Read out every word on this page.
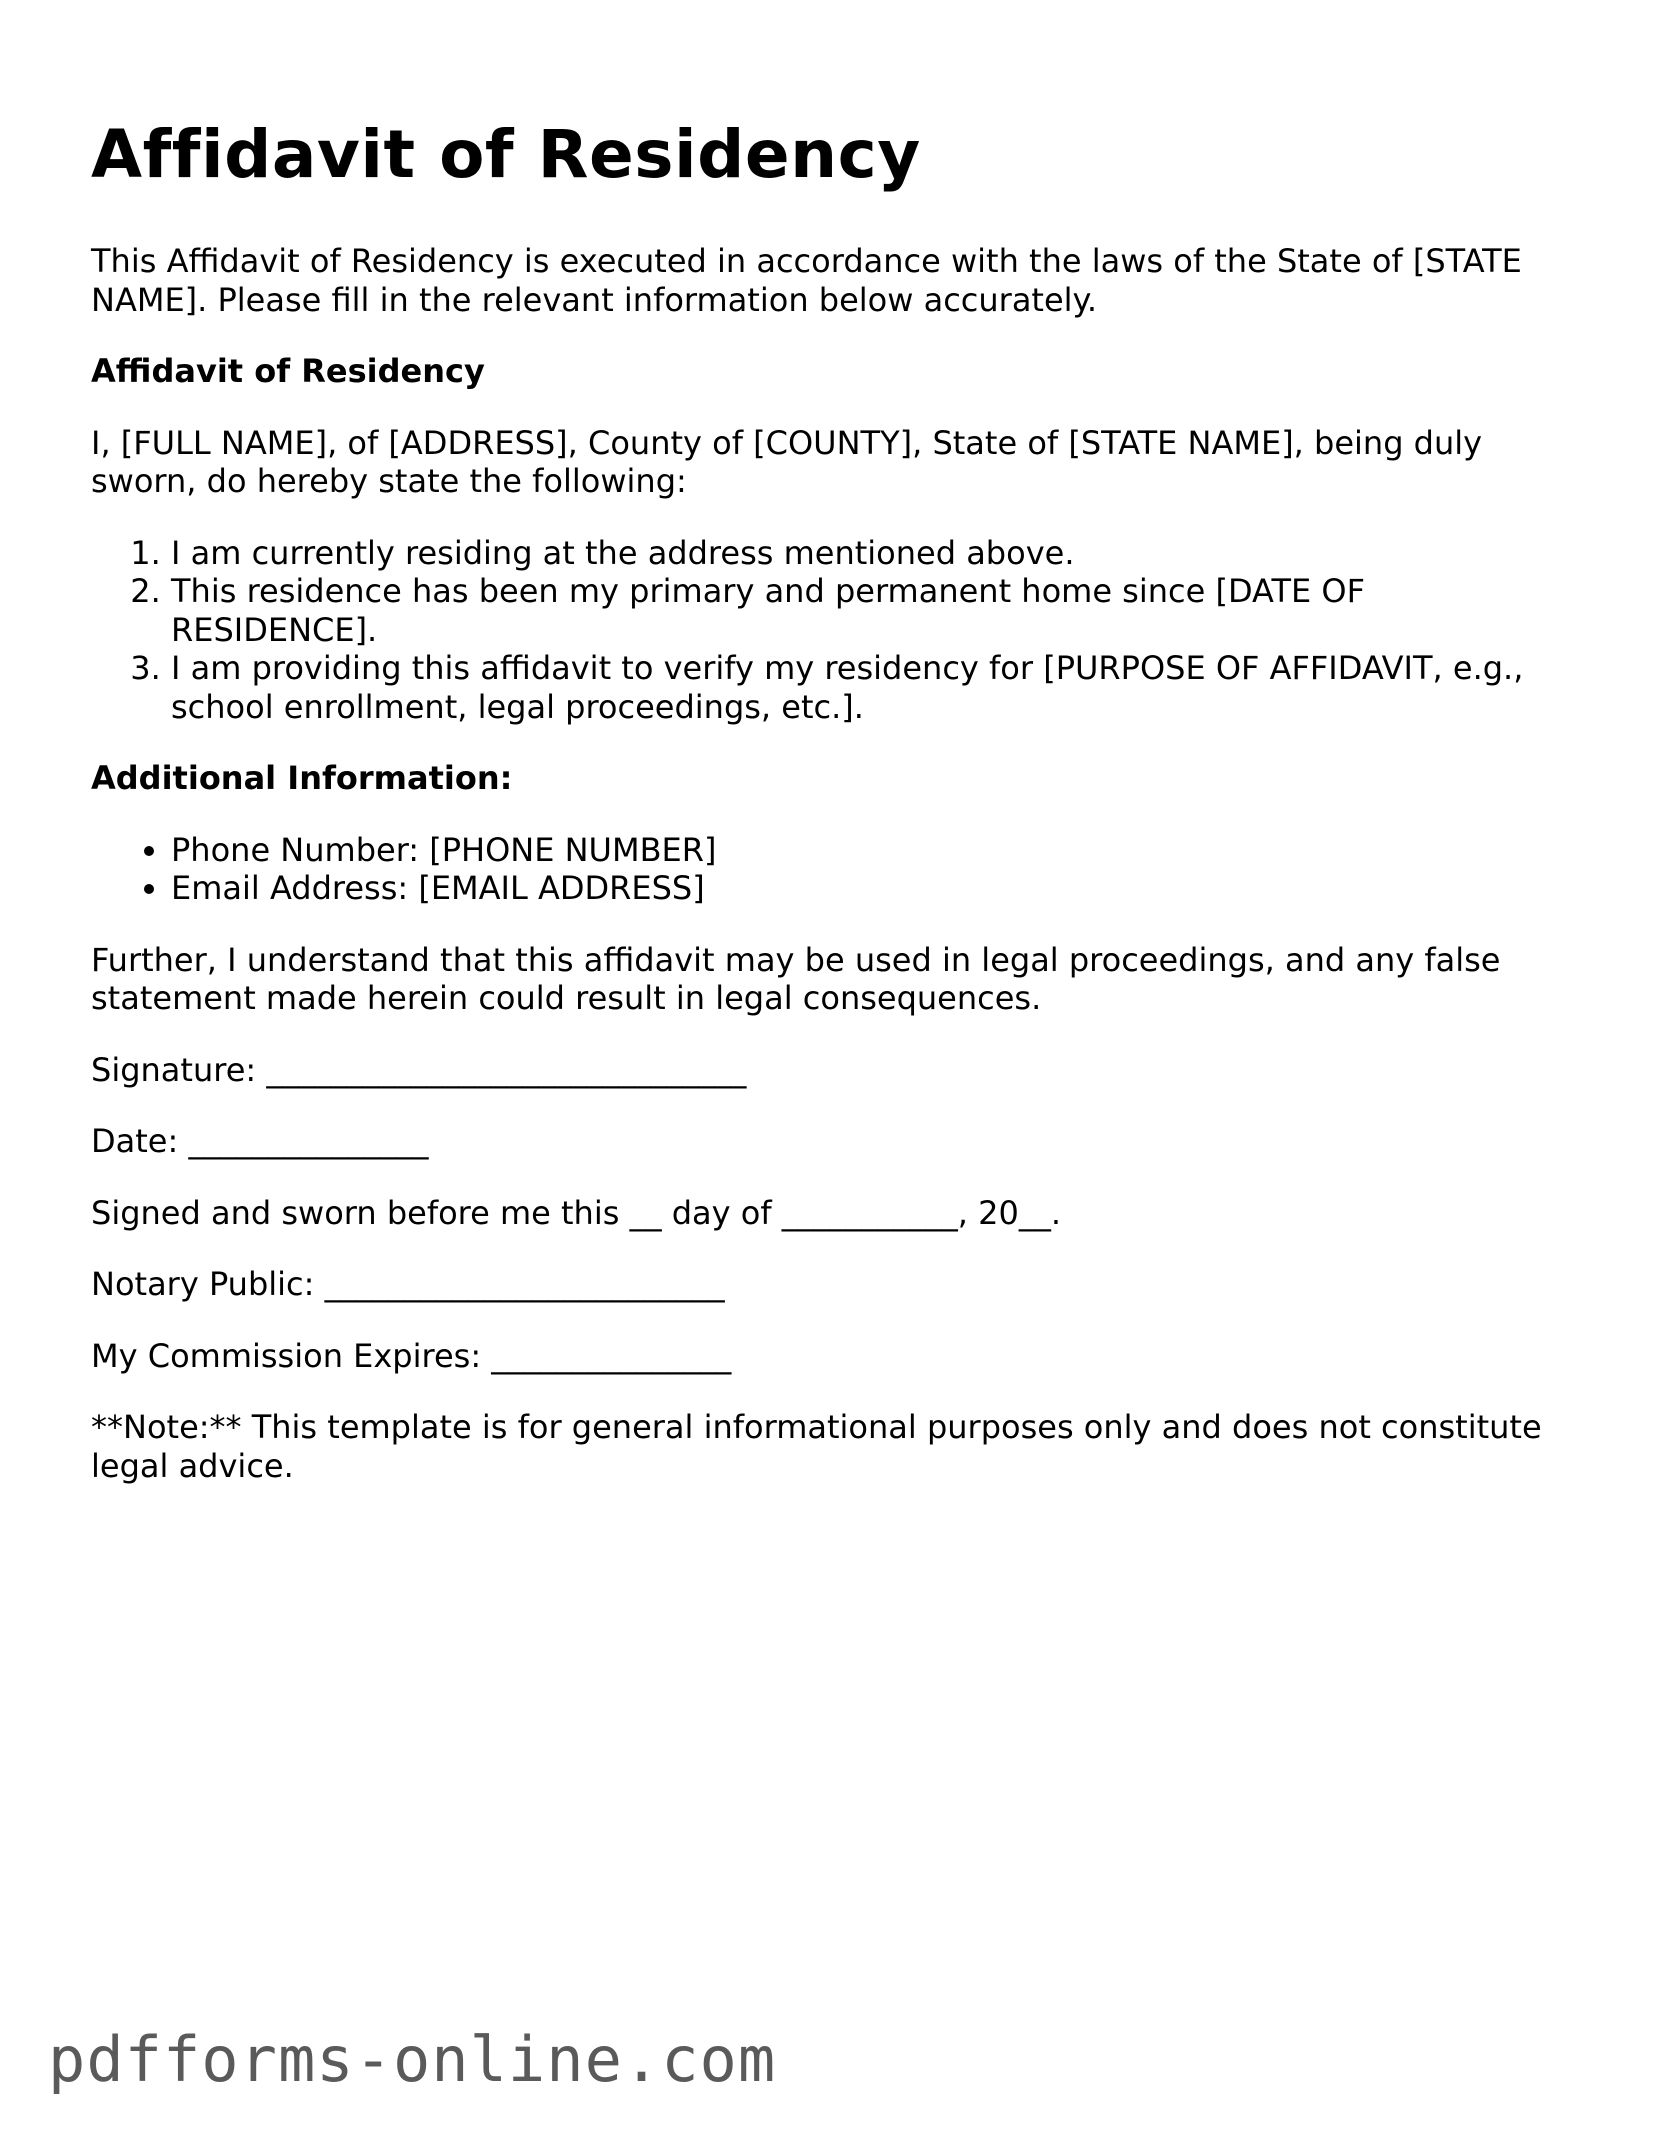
Affidavit of Residency

This Affidavit of Residency is executed in accordance with the laws of the State of [STATE NAME]. Please fill in the relevant information below accurately.

Affidavit of Residency

I, [FULL NAME], of [ADDRESS], County of [COUNTY], State of [STATE NAME], being duly sworn, do hereby state the following:

1. I am currently residing at the address mentioned above.
2. This residence has been my primary and permanent home since [DATE OF RESIDENCE].
3. I am providing this affidavit to verify my residency for [PURPOSE OF AFFIDAVIT, e.g., school enrollment, legal proceedings, etc.].
Additional Information:
• Phone Number: [PHONE NUMBER]
• Email Address: [EMAIL ADDRESS]

Further, I understand that this affidavit may be used in legal proceedings, and any false statement made herein could result in legal consequences.

Signature: ______________________________

Date: _______________

Signed and sworn before me this __ day of ___________, 20__.

Notary Public: _________________________

My Commission Expires: _______________

**Note:** This template is for general informational purposes only and does not constitute legal advice.

pdfforms-online.com
